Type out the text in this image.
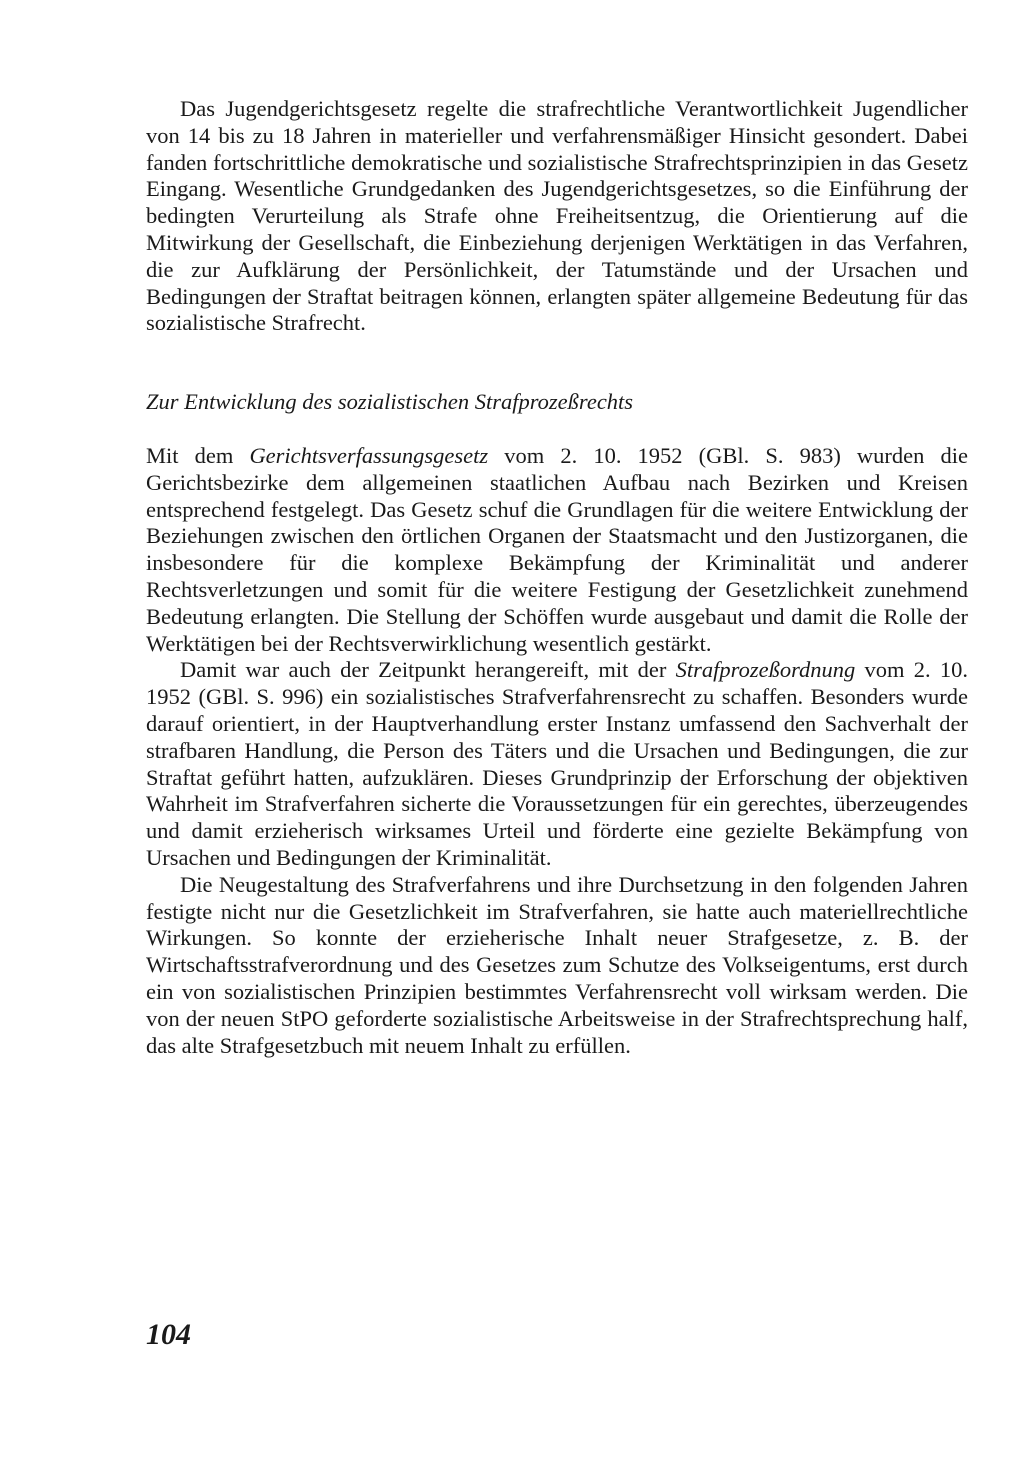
Das Jugendgerichtsgesetz regelte die strafrechtliche Verantwortlichkeit Jugendlicher von 14 bis zu 18 Jahren in materieller und verfahrensmäßiger Hinsicht gesondert. Dabei fanden fortschrittliche demokratische und sozialistische Strafrechtsprinzipien in das Gesetz Eingang. Wesentliche Grundgedanken des Jugendgerichtsgesetzes, so die Einführung der bedingten Verurteilung als Strafe ohne Freiheitsentzug, die Orientierung auf die Mitwirkung der Gesellschaft, die Einbeziehung derjenigen Werktätigen in das Verfahren, die zur Aufklärung der Persönlichkeit, der Tatumstände und der Ursachen und Bedingungen der Straftat beitragen können, erlangten später allgemeine Bedeutung für das sozialistische Strafrecht.

Zur Entwicklung des sozialistischen Strafprozeßrechts

Mit dem Gerichtsverfassungsgesetz vom 2. 10. 1952 (GBl. S. 983) wurden die Gerichtsbezirke dem allgemeinen staatlichen Aufbau nach Bezirken und Kreisen entsprechend festgelegt. Das Gesetz schuf die Grundlagen für die weitere Entwicklung der Beziehungen zwischen den örtlichen Organen der Staatsmacht und den Justizorganen, die insbesondere für die komplexe Bekämpfung der Kriminalität und anderer Rechtsverletzungen und somit für die weitere Festigung der Gesetzlichkeit zunehmend Bedeutung erlangten. Die Stellung der Schöffen wurde ausgebaut und damit die Rolle der Werktätigen bei der Rechtsverwirklichung wesentlich gestärkt.

Damit war auch der Zeitpunkt herangereift, mit der Strafprozeßordnung vom 2. 10. 1952 (GBl. S. 996) ein sozialistisches Strafverfahrensrecht zu schaffen. Besonders wurde darauf orientiert, in der Hauptverhandlung erster Instanz umfassend den Sachverhalt der strafbaren Handlung, die Person des Täters und die Ursachen und Bedingungen, die zur Straftat geführt hatten, aufzuklären. Dieses Grundprinzip der Erforschung der objektiven Wahrheit im Strafverfahren sicherte die Voraussetzungen für ein gerechtes, überzeugendes und damit erzieherisch wirksames Urteil und förderte eine gezielte Bekämpfung von Ursachen und Bedingungen der Kriminalität.

Die Neugestaltung des Strafverfahrens und ihre Durchsetzung in den folgenden Jahren festigte nicht nur die Gesetzlichkeit im Strafverfahren, sie hatte auch materiellrechtliche Wirkungen. So konnte der erzieherische Inhalt neuer Strafgesetze, z. B. der Wirtschaftsstrafverordnung und des Gesetzes zum Schutze des Volkseigentums, erst durch ein von sozialistischen Prinzipien bestimmtes Verfahrensrecht voll wirksam werden. Die von der neuen StPO geforderte sozialistische Arbeitsweise in der Strafrechtsprechung half, das alte Strafgesetzbuch mit neuem Inhalt zu erfüllen.

104
